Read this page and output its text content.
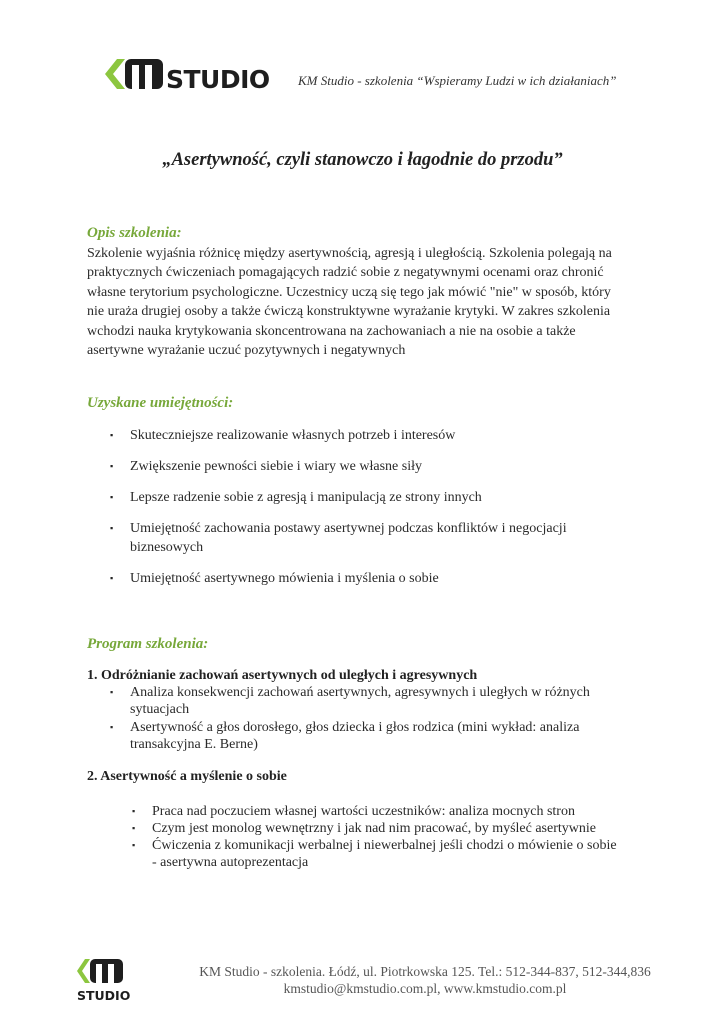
STUDIO KM Studio - szkolenia “Wspieramy Ludzi w ich działaniach”
„Asertywność, czyli stanowczo i łagodnie do przodu”
Opis szkolenia:
Szkolenie wyjaśnia różnicę między asertywnością, agresją i uległością. Szkolenia polegają na
praktycznych ćwiczeniach pomagających radzić sobie z negatywnymi ocenami oraz chronić
własne terytorium psychologiczne. Uczestnicy uczą się tego jak mówić "nie" w sposób, który
nie uraża drugiej osoby a także ćwiczą konstruktywne wyrażanie krytyki. W zakres szkolenia
wchodzi nauka krytykowania skoncentrowana na zachowaniach a nie na osobie a także
asertywne wyrażanie uczuć pozytywnych i negatywnych
Uzyskane umiejętności:
▪	Skuteczniejsze realizowanie własnych potrzeb i interesów
▪	Zwiększenie pewności siebie i wiary we własne siły
▪	Lepsze radzenie sobie z agresją i manipulacją ze strony innych
▪	Umiejętność zachowania postawy asertywnej podczas konfliktów i negocjacji
biznesowych
▪	Umiejętność asertywnego mówienia i myślenia o sobie
Program szkolenia:
1. Odróżnianie zachowań asertywnych od uległych i agresywnych
▪ Analiza konsekwencji zachowań asertywnych, agresywnych i uległych w różnych
sytuacjach
▪ Asertywność a głos dorosłego, głos dziecka i głos rodzica (mini wykład: analiza
transakcyjna E. Berne)
2. Asertywność a myślenie o sobie
▪ Praca nad poczuciem własnej wartości uczestników: analiza mocnych stron
▪ Czym jest monolog wewnętrzny i jak nad nim pracować, by myśleć asertywnie
▪ Ćwiczenia z komunikacji werbalnej i niewerbalnej jeśli chodzi o mówienie o sobie
- asertywna autoprezentacja
STUDIO
KM Studio - szkolenia. Łódź, ul. Piotrkowska 125. Tel.: 512-344-837, 512-344,836
kmstudio@kmstudio.com.pl, www.kmstudio.com.pl
